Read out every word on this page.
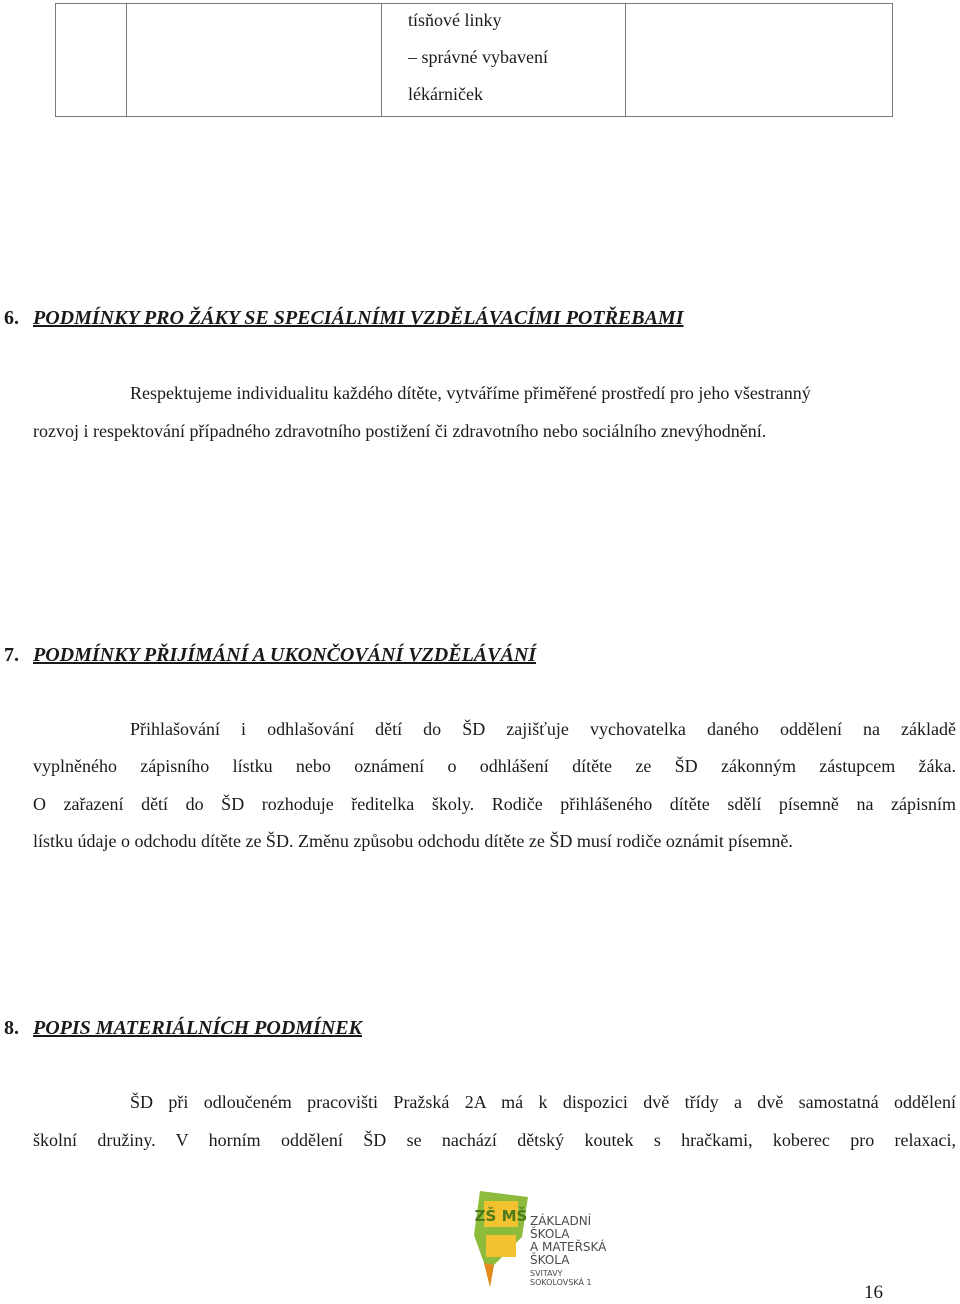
tísňové linky
– správné vybavení
lékárniček
6. PODMÍNKY PRO ŽÁKY SE SPECIÁLNÍMI VZDĚLÁVACÍMI POTŘEBAMI
Respektujeme individualitu každého dítěte, vytváříme přiměřené prostředí pro jeho všestranný
rozvoj i respektování případného zdravotního postižení či zdravotního nebo sociálního znevýhodnění.
7. PODMÍNKY PŘIJÍMÁNÍ A UKONČOVÁNÍ VZDĚLÁVÁNÍ
Přihlašování i odhlašování dětí do ŠD zajišťuje vychovatelka daného oddělení na základě
vyplněného zápisního lístku nebo oznámení o odhlášení dítěte ze ŠD zákonným zástupcem žáka.
O zařazení dětí do ŠD rozhoduje ředitelka školy. Rodiče přihlášeného dítěte sdělí písemně na zápisním
lístku údaje o odchodu dítěte ze ŠD. Změnu způsobu odchodu dítěte ze ŠD musí rodiče oznámit písemně.
8. POPIS MATERIÁLNÍCH PODMÍNEK
ŠD při odloučeném pracovišti Pražská 2A má k dispozici dvě třídy a dvě samostatná oddělení
školní družiny. V horním oddělení ŠD se nachází dětský koutek s hračkami, koberec pro relaxaci,
ZŠ MŠ ZÁKLADNÍ
ŠKOLA
A MATEŘSKÁ
ŠKOLA
SVITAVY
SOKOLOVSKÁ 1	16
